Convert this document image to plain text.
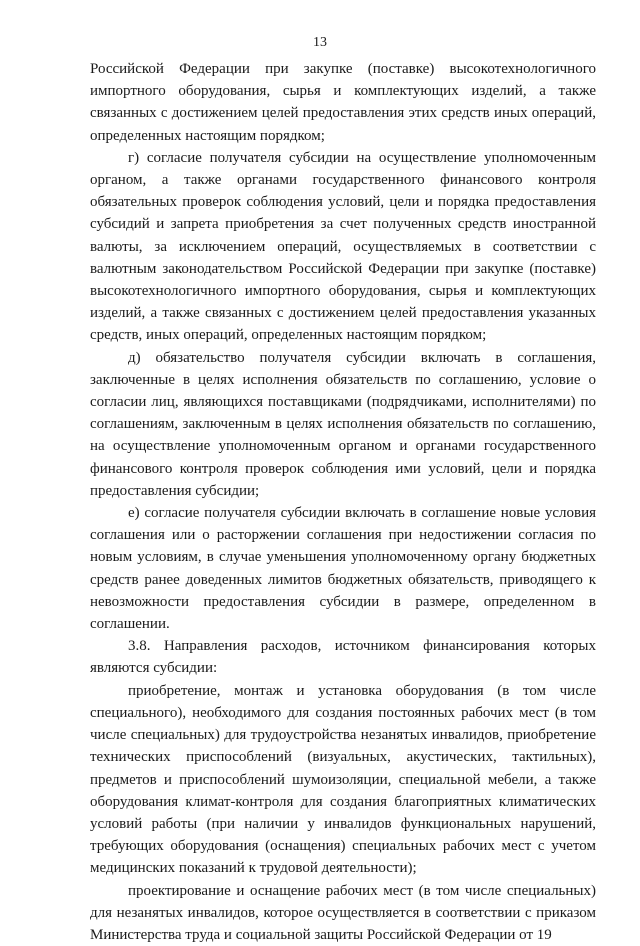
13

Российской Федерации при закупке (поставке) высокотехнологичного импортного оборудования, сырья и комплектующих изделий, а также связанных с достижением целей предоставления этих средств иных операций, определенных настоящим порядком;

г) согласие получателя субсидии на осуществление уполномоченным органом, а также органами государственного финансового контроля обязательных проверок соблюдения условий, цели и порядка предоставления субсидий и запрета приобретения за счет полученных средств иностранной валюты, за исключением операций, осуществляемых в соответствии с валютным законодательством Российской Федерации при закупке (поставке) высокотехнологичного импортного оборудования, сырья и комплектующих изделий, а также связанных с достижением целей предоставления указанных средств, иных операций, определенных настоящим порядком;

д) обязательство получателя субсидии включать в соглашения, заключенные в целях исполнения обязательств по соглашению, условие о согласии лиц, являющихся поставщиками (подрядчиками, исполнителями) по соглашениям, заключенным в целях исполнения обязательств по соглашению, на осуществление уполномоченным органом и органами государственного финансового контроля проверок соблюдения ими условий, цели и порядка предоставления субсидии;

е) согласие получателя субсидии включать в соглашение новые условия соглашения или о расторжении соглашения при недостижении согласия по новым условиям, в случае уменьшения уполномоченному органу бюджетных средств ранее доведенных лимитов бюджетных обязательств, приводящего к невозможности предоставления субсидии в размере, определенном в соглашении.

3.8. Направления расходов, источником финансирования которых являются субсидии:

приобретение, монтаж и установка оборудования (в том числе специального), необходимого для создания постоянных рабочих мест (в том числе специальных) для трудоустройства незанятых инвалидов, приобретение технических приспособлений (визуальных, акустических, тактильных), предметов и приспособлений шумоизоляции, специальной мебели, а также оборудования климат-контроля для создания благоприятных климатических условий работы (при наличии у инвалидов функциональных нарушений, требующих оборудования (оснащения) специальных рабочих мест с учетом медицинских показаний к трудовой деятельности);

проектирование и оснащение рабочих мест (в том числе специальных) для незанятых инвалидов, которое осуществляется в соответствии с приказом Министерства труда и социальной защиты Российской Федерации от 19
